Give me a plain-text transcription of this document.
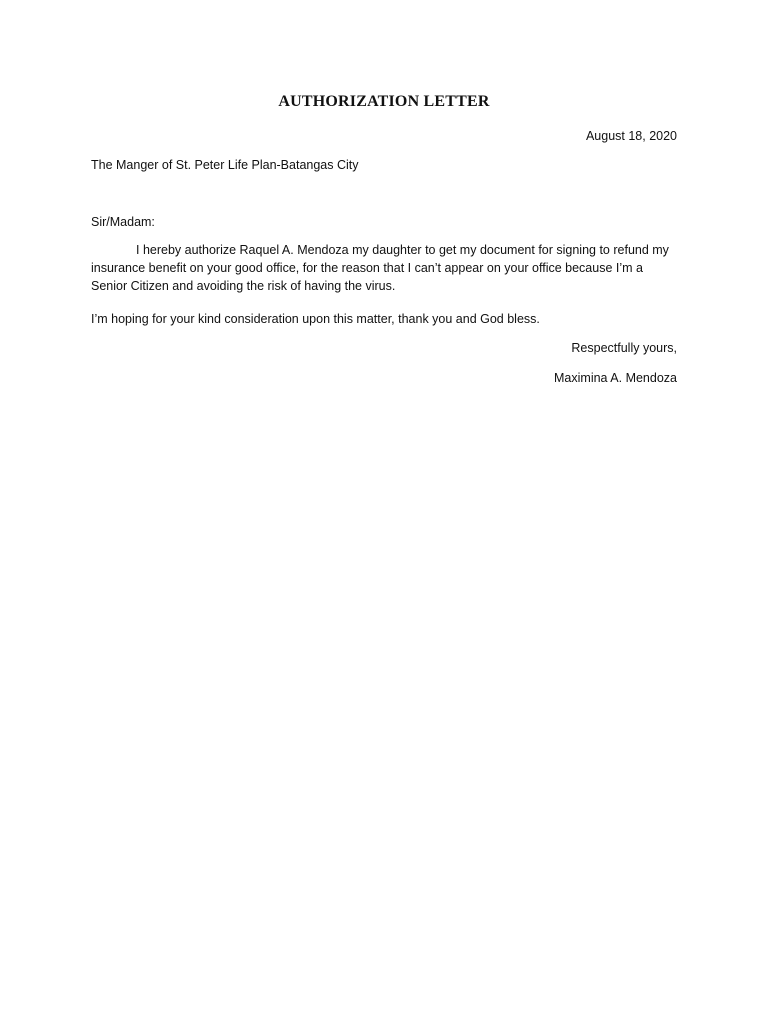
AUTHORIZATION LETTER
August 18, 2020
The Manger of St. Peter Life Plan-Batangas City
Sir/Madam:
I hereby authorize Raquel A. Mendoza my daughter to get my document for signing to refund my insurance benefit on your good office, for the reason that I can’t appear on your office because I’m a Senior Citizen and avoiding the risk of having the virus.
I’m hoping for your kind consideration upon this matter, thank you and God bless.
Respectfully yours,
Maximina A. Mendoza
